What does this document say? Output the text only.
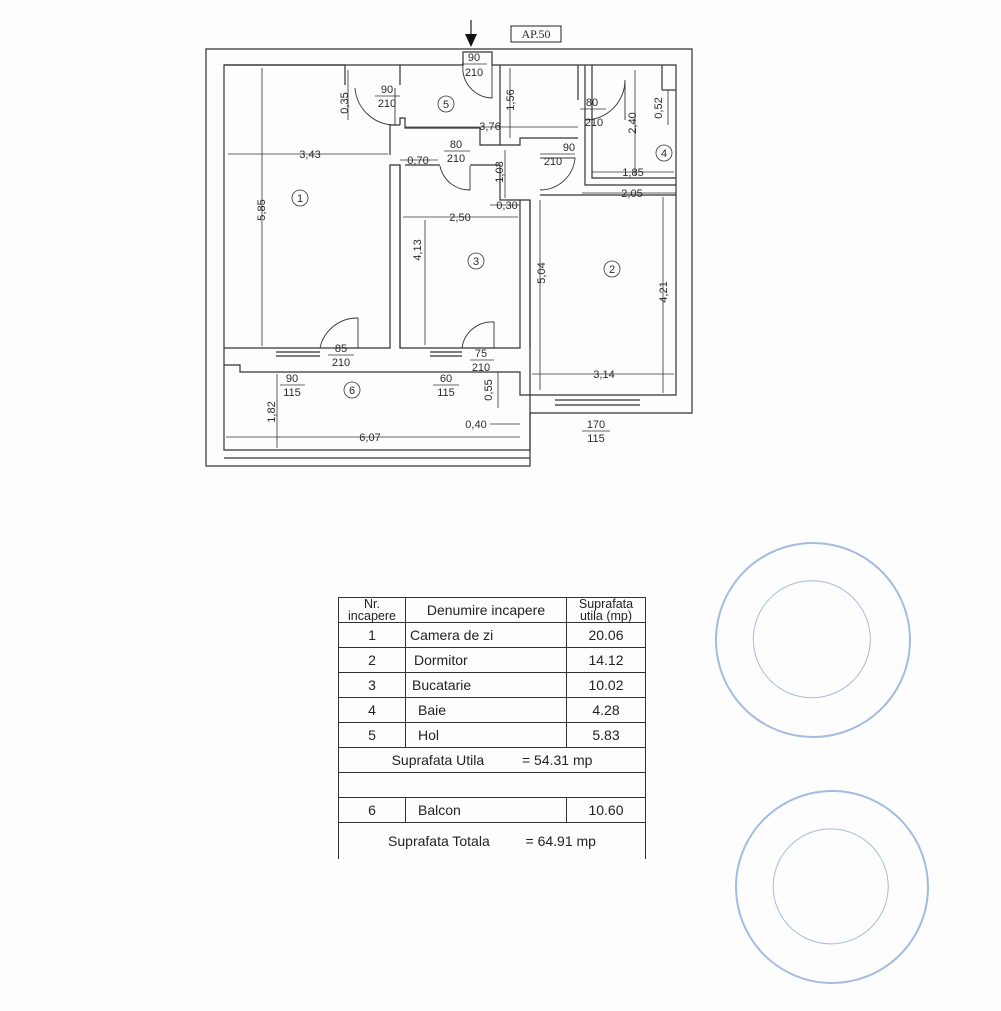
AP.50
3,43
5,85
0,35	1,56
3,76
0,70
1,03
0,30
2,50
4,13
5,04
2,40
0,52
1,85
2,05
4,21
3,14
1,82
6,07
0,55
0,40
90
210
90
210	80
210
80
210
90
210
85
210
75
210
90
115
60
115
170
115
1
2
3
4
5
6
Nr. incapere	Denumire incapere	Suprafata utila (mp)
1	Camera de zi	20.06
2	Dormitor	14.12
3	Bucatarie	10.02
4	Baie	4.28
5	Hol	5.83
Suprafata Utila = 54.31 mp		

6	Balcon	10.60
Suprafata Totala = 64.91 mp		
